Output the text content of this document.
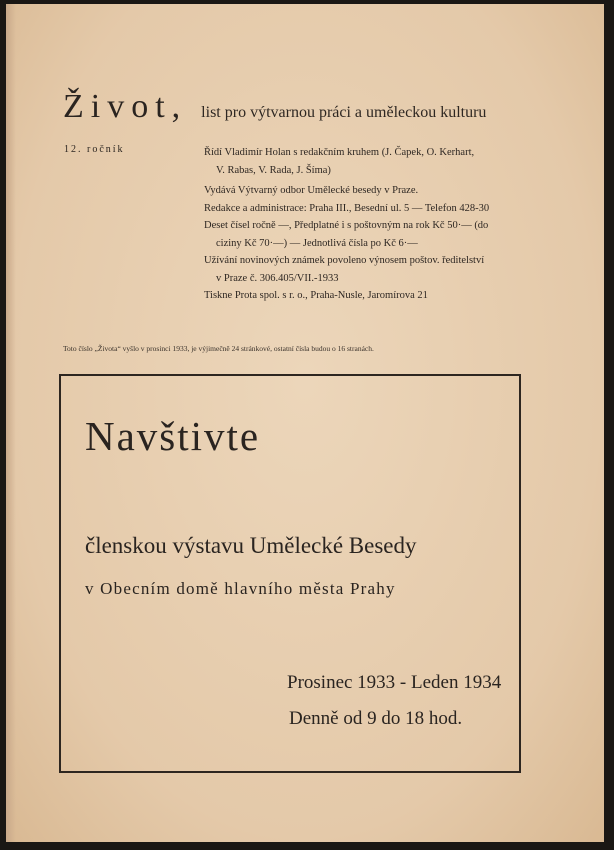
Život, list pro výtvarnou práci a uměleckou kulturu
12. ročník	Řídí Vladimír Holan s redakčním kruhem (J. Čapek, O. Kerhart,
V. Rabas, V. Rada, J. Šíma)
Vydává Výtvarný odbor Umělecké besedy v Praze.
Redakce a administrace: Praha III., Besední ul. 5 — Telefon 428-30
Deset čísel ročně —, Předplatné i s poštovným na rok Kč 50·— (do
ciziny Kč 70·—) — Jednotlivá čísla po Kč 6·—
Užívání novinových známek povoleno výnosem poštov. ředitelství
v Praze č. 306.405/VII.-1933
Tiskne Prota spol. s r. o., Praha-Nusle, Jaromírova 21
Toto číslo „Života“ vyšlo v prosinci 1933, je výjimečně 24 stránkové, ostatní čísla budou o 16 stranách.
Navštivte
členskou výstavu Umělecké Besedy
v Obecním domě hlavního města Prahy
Prosinec 1933 - Leden 1934
Denně od 9 do 18 hod.
